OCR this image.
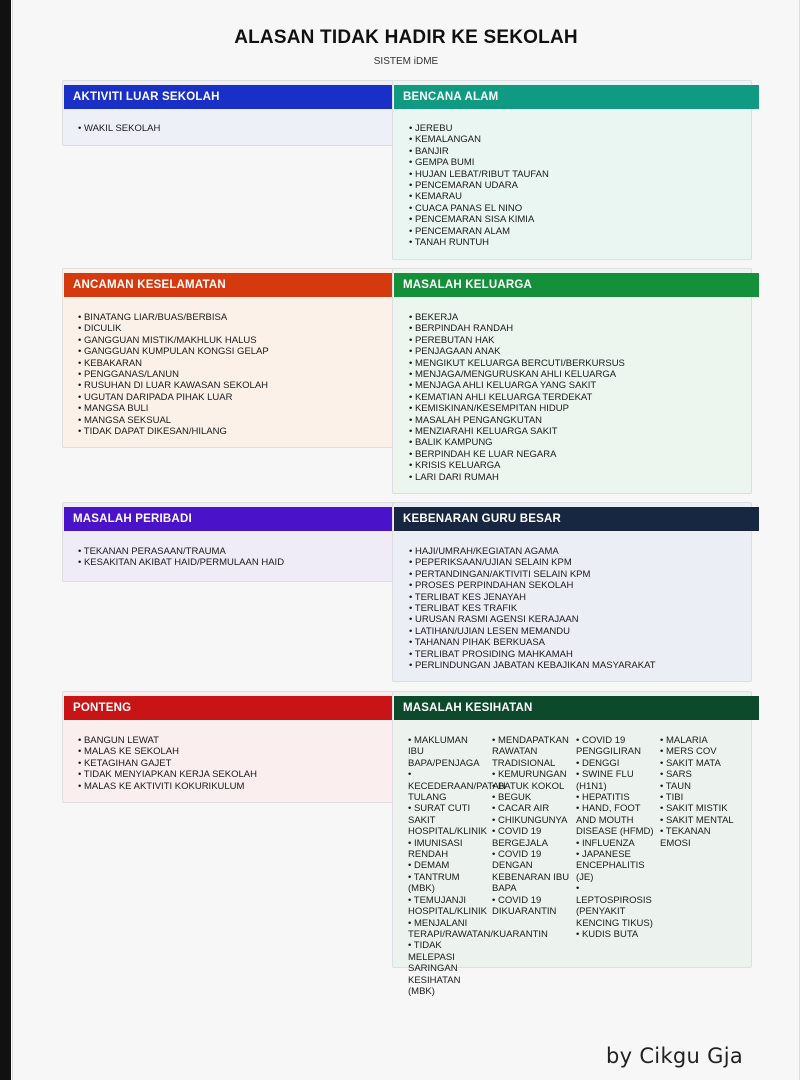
ALASAN TIDAK HADIR KE SEKOLAH
SISTEM iDME
AKTIVITI LUAR SEKOLAH
• WAKIL SEKOLAH
BENCANA ALAM
• JEREBU
• KEMALANGAN
• BANJIR
• GEMPA BUMI
• HUJAN LEBAT/RIBUT TAUFAN
• PENCEMARAN UDARA
• KEMARAU
• CUACA PANAS EL NINO
• PENCEMARAN SISA KIMIA
• PENCEMARAN ALAM
• TANAH RUNTUH
ANCAMAN KESELAMATAN
• BINATANG LIAR/BUAS/BERBISA
• DICULIK
• GANGGUAN MISTIK/MAKHLUK HALUS
• GANGGUAN KUMPULAN KONGSI GELAP
• KEBAKARAN
• PENGGANAS/LANUN
• RUSUHAN DI LUAR KAWASAN SEKOLAH
• UGUTAN DARIPADA PIHAK LUAR
• MANGSA BULI
• MANGSA SEKSUAL
• TIDAK DAPAT DIKESAN/HILANG
MASALAH KELUARGA
• BEKERJA
• BERPINDAH RANDAH
• PEREBUTAN HAK
• PENJAGAAN ANAK
• MENGIKUT KELUARGA BERCUTI/BERKURSUS
• MENJAGA/MENGURUSKAN AHLI KELUARGA
• MENJAGA AHLI KELUARGA YANG SAKIT
• KEMATIAN AHLI KELUARGA TERDEKAT
• KEMISKINAN/KESEMPITAN HIDUP
• MASALAH PENGANGKUTAN
• MENZIARAHI KELUARGA SAKIT
• BALIK KAMPUNG
• BERPINDAH KE LUAR NEGARA
• KRISIS KELUARGA
• LARI DARI RUMAH
MASALAH PERIBADI
• TEKANAN PERASAAN/TRAUMA
• KESAKITAN AKIBAT HAID/PERMULAAN HAID
KEBENARAN GURU BESAR
• HAJI/UMRAH/KEGIATAN AGAMA
• PEPERIKSAAN/UJIAN SELAIN KPM
• PERTANDINGAN/AKTIVITI SELAIN KPM
• PROSES PERPINDAHAN SEKOLAH
• TERLIBAT KES JENAYAH
• TERLIBAT KES TRAFIK
• URUSAN RASMI AGENSI KERAJAAN
• LATIHAN/UJIAN LESEN MEMANDU
• TAHANAN PIHAK BERKUASA
• TERLIBAT PROSIDING MAHKAMAH
• PERLINDUNGAN JABATAN KEBAJIKAN MASYARAKAT
PONTENG
• BANGUN LEWAT
• MALAS KE SEKOLAH
• KETAGIHAN GAJET
• TIDAK MENYIAPKAN KERJA SEKOLAH
• MALAS KE AKTIVITI KOKURIKULUM
MASALAH KESIHATAN
• MAKLUMAN IBU BAPA/PENJAGA
• KECEDERAAN/PATAH TULANG
• SURAT CUTI SAKIT HOSPITAL/KLINIK
• IMUNISASI RENDAH
• DEMAM
• TANTRUM (MBK)
• TEMUJANJI HOSPITAL/KLINIK
• MENJALANI TERAPI/RAWATAN/KUARANTIN
• TIDAK MELEPASI SARINGAN KESIHATAN (MBK)
• MENDAPATKAN RAWATAN TRADISIONAL
• KEMURUNGAN
• BATUK KOKOL
• BEGUK
• CACAR AIR
• CHIKUNGUNYA
• COVID 19 BERGEJALA
• COVID 19 DENGAN KEBENARAN IBU BAPA
• COVID 19 DIKUARANTIN
• COVID 19 PENGGILIRAN
• DENGGI
• SWINE FLU (H1N1)
• HEPATITIS
• HAND, FOOT AND MOUTH DISEASE (HFMD)
• INFLUENZA
• JAPANESE ENCEPHALITIS (JE)
• LEPTOSPIROSIS (PENYAKIT KENCING TIKUS)
• KUDIS BUTA
• MALARIA
• MERS COV
• SAKIT MATA
• SARS
• TAUN
• TIBI
• SAKIT MISTIK
• SAKIT MENTAL
• TEKANAN EMOSI
by Cikgu Gja
